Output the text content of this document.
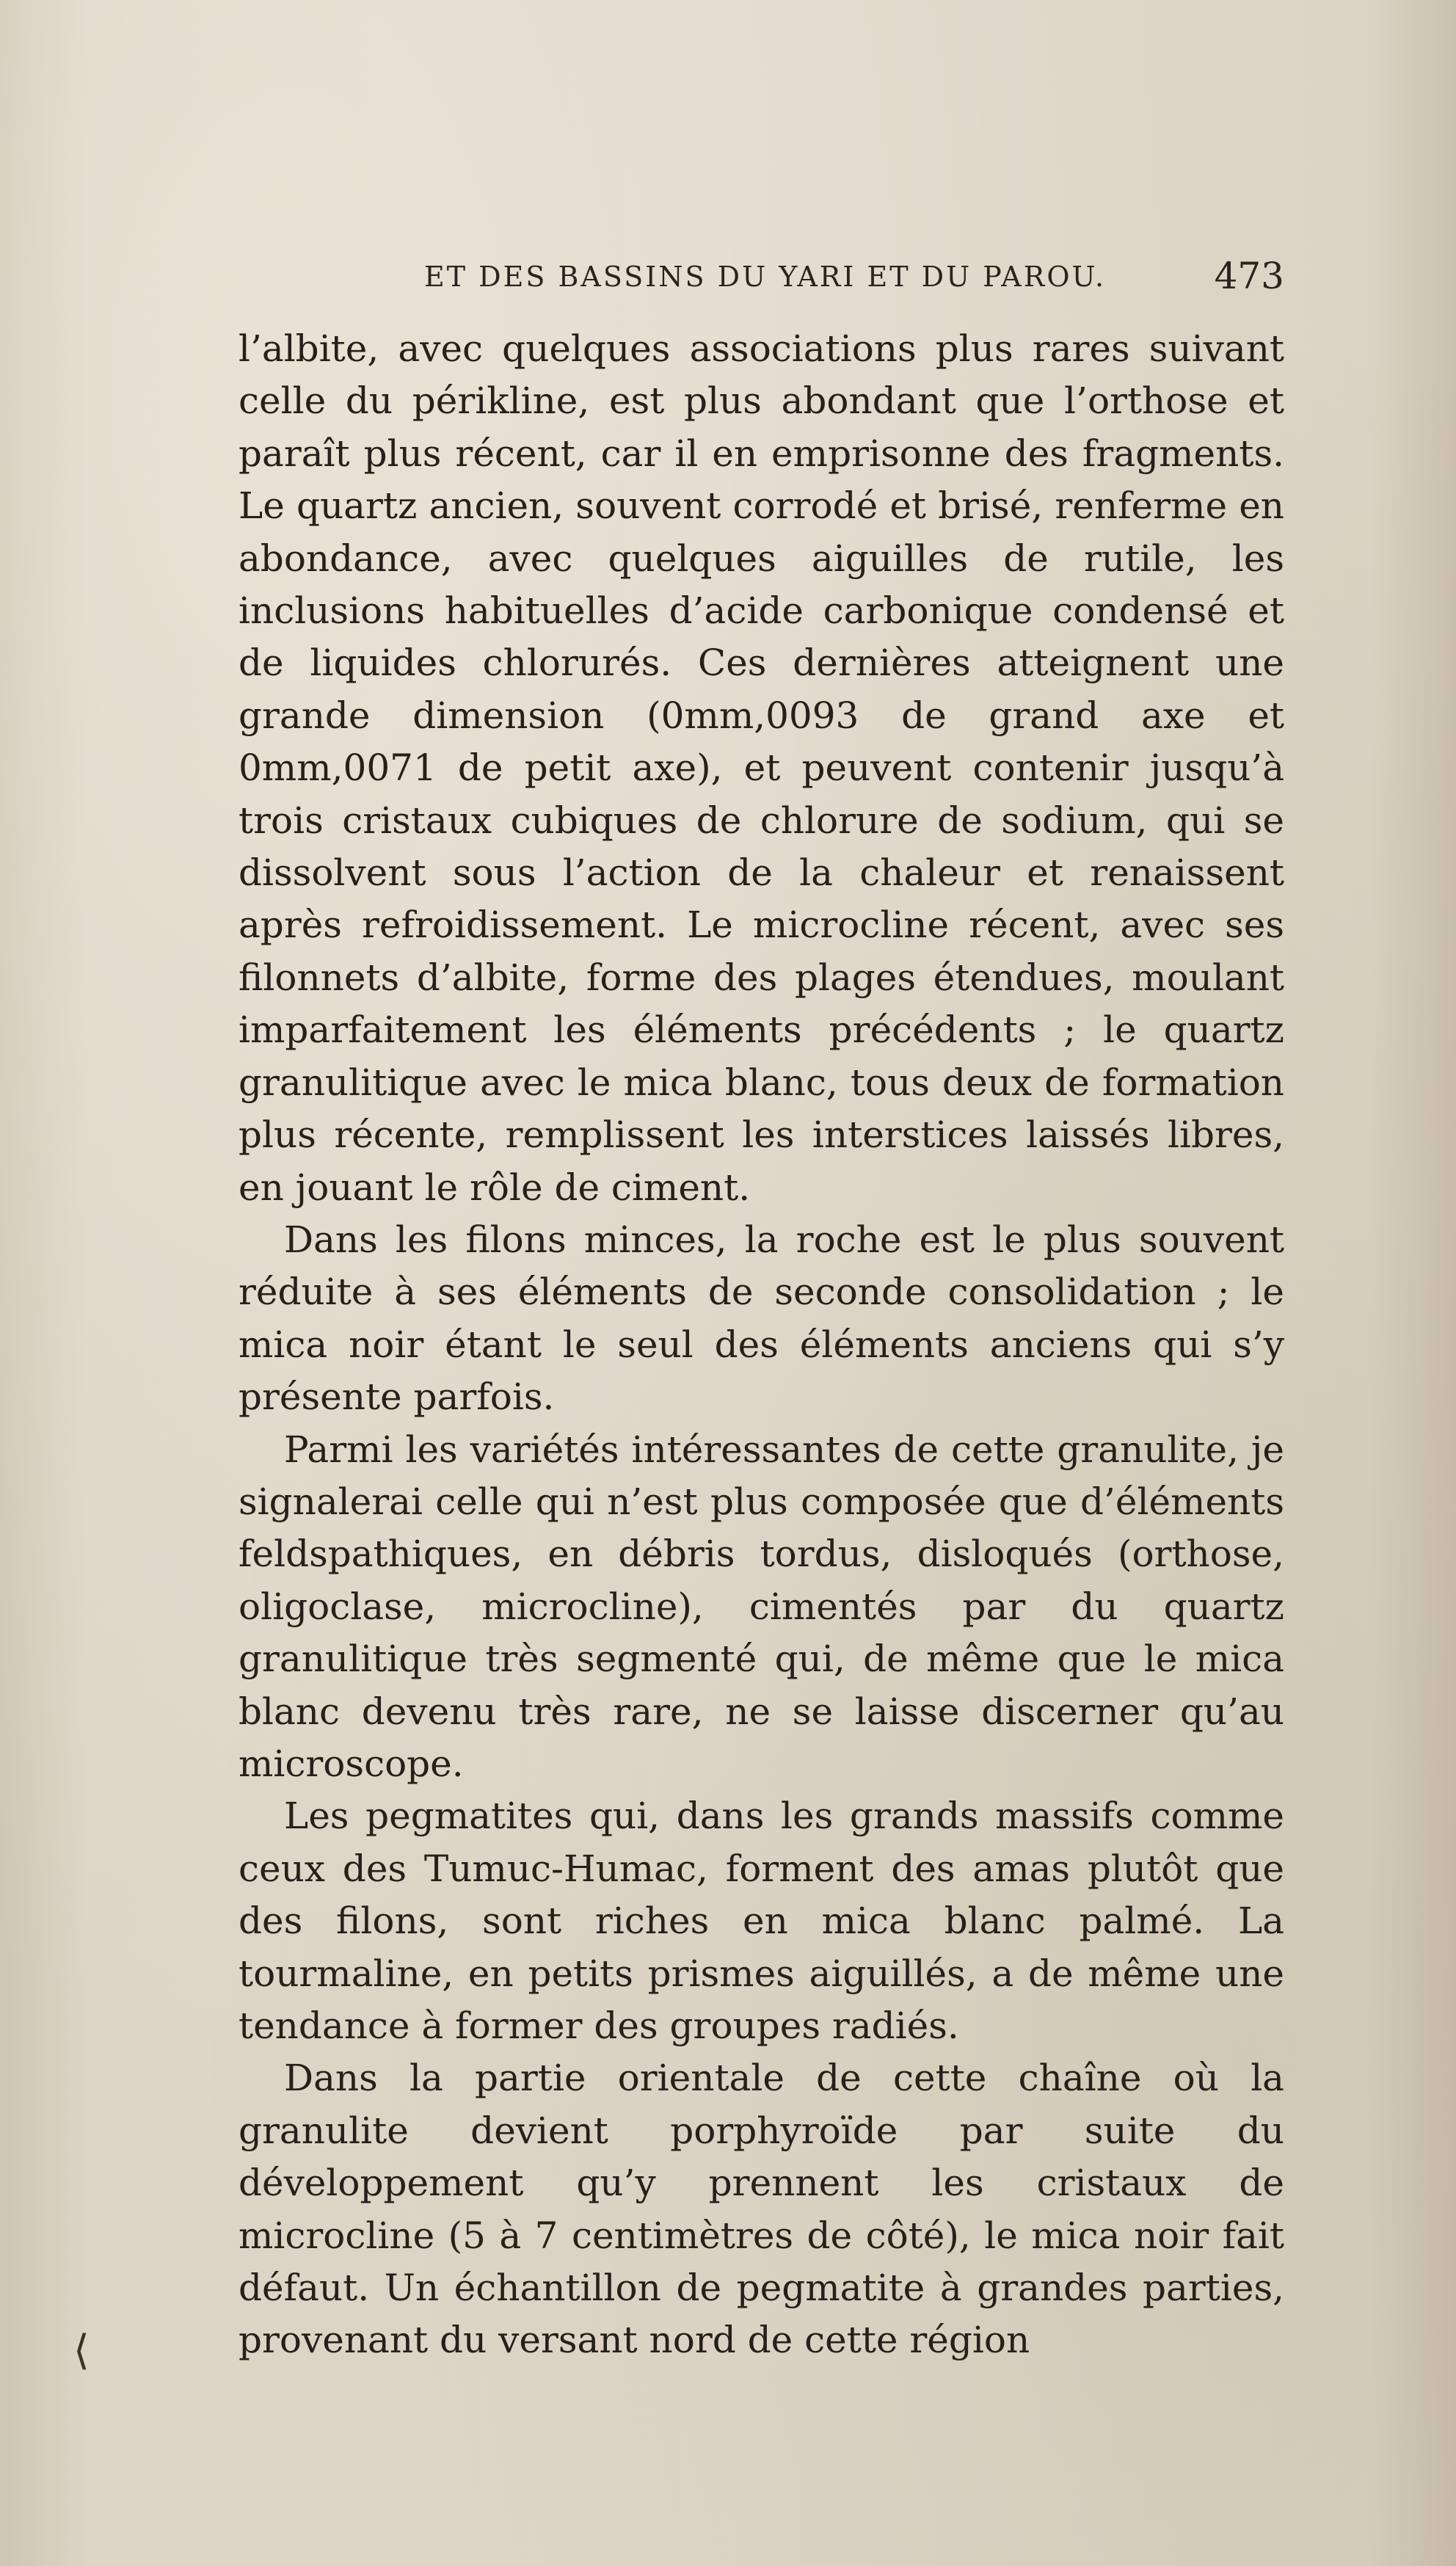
ET DES BASSINS DU YARI ET DU PAROU.	473

l’albite, avec quelques associations plus rares suivant celle du périkline, est plus abondant que l’orthose et paraît plus récent, car il en emprisonne des fragments. Le quartz ancien, souvent corrodé et brisé, renferme en abondance, avec quelques aiguilles de rutile, les inclusions habituelles d’acide carbonique condensé et de liquides chlorurés. Ces dernières atteignent une grande dimension (0mm,0093 de grand axe et 0mm,0071 de petit axe), et peuvent contenir jusqu’à trois cristaux cubiques de chlorure de sodium, qui se dissolvent sous l’action de la chaleur et renaissent après refroidissement. Le microcline récent, avec ses filonnets d’albite, forme des plages étendues, moulant imparfaitement les éléments précédents ; le quartz granulitique avec le mica blanc, tous deux de formation plus récente, remplissent les interstices laissés libres, en jouant le rôle de ciment.

Dans les filons minces, la roche est le plus souvent réduite à ses éléments de seconde consolidation ; le mica noir étant le seul des éléments anciens qui s’y présente parfois.

Parmi les variétés intéressantes de cette granulite, je signalerai celle qui n’est plus composée que d’éléments feldspathiques, en débris tordus, disloqués (orthose, oligoclase, microcline), cimentés par du quartz granulitique très segmenté qui, de même que le mica blanc devenu très rare, ne se laisse discerner qu’au microscope.

Les pegmatites qui, dans les grands massifs comme ceux des Tumuc-Humac, forment des amas plutôt que des filons, sont riches en mica blanc palmé. La tourmaline, en petits prismes aiguillés, a de même une tendance à former des groupes radiés.

Dans la partie orientale de cette chaîne où la granulite devient porphyroïde par suite du développement qu’y prennent les cristaux de microcline (5 à 7 centimètres de côté), le mica noir fait défaut. Un échantillon de pegmatite à grandes parties, provenant du versant nord de cette région

⟨
